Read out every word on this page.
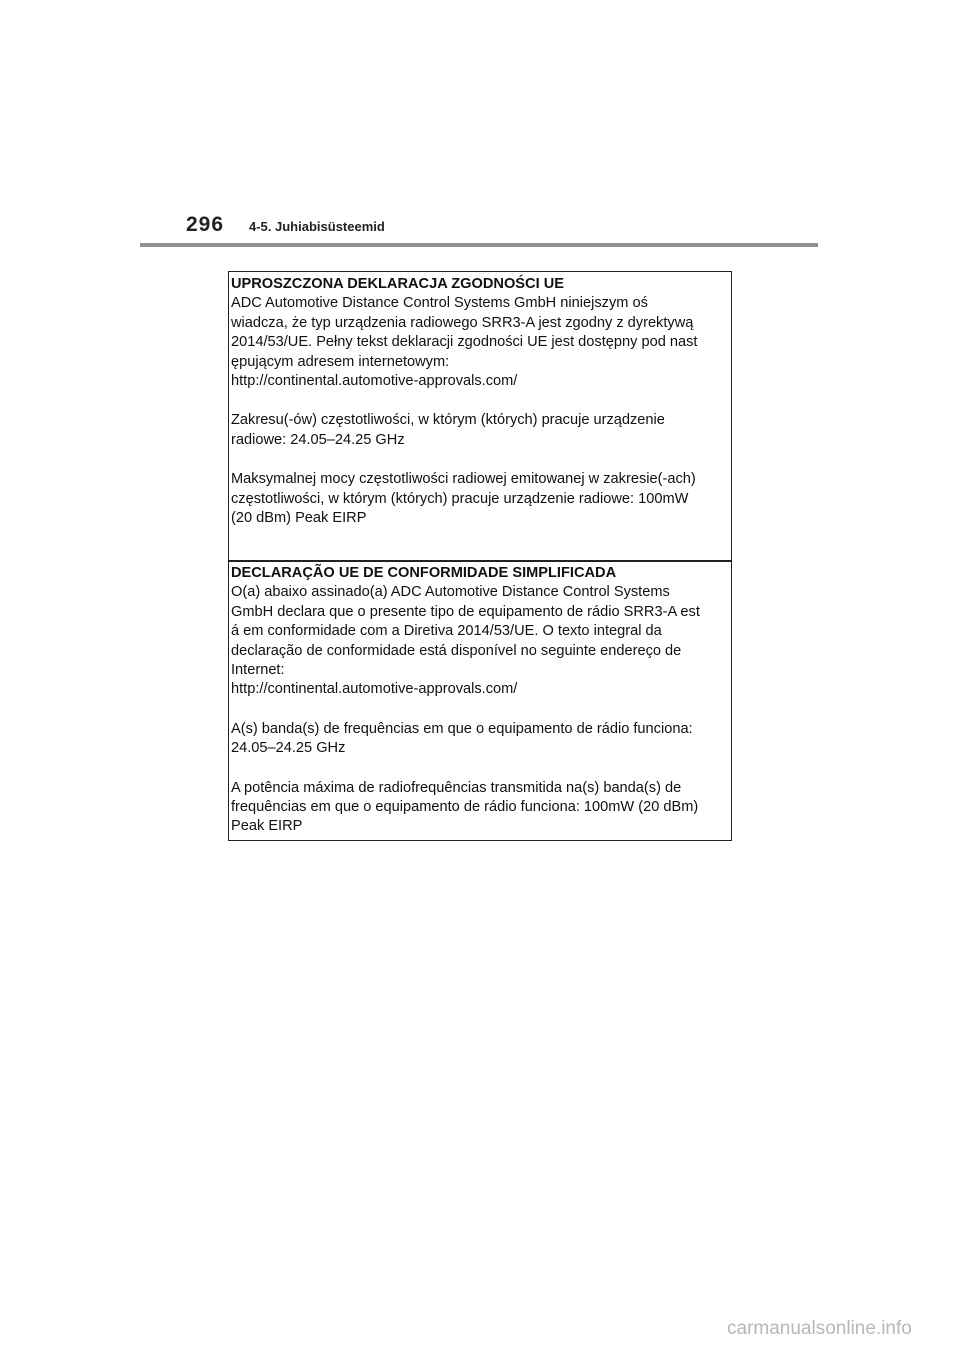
296 4-5. Juhiabisüsteemid
UPROSZCZONA DEKLARACJA ZGODNOŚCI UE
ADC Automotive Distance Control Systems GmbH niniejszym oś
wiadcza, że typ urządzenia radiowego SRR3-A jest zgodny z dyrektywą
2014/53/UE. Pełny tekst deklaracji zgodności UE jest dostępny pod nast
ępującym adresem internetowym:
http://continental.automotive-approvals.com/
Zakresu(-ów) częstotliwości, w którym (których) pracuje urządzenie
radiowe: 24.05–24.25 GHz
Maksymalnej mocy częstotliwości radiowej emitowanej w zakresie(-ach)
częstotliwości, w którym (których) pracuje urządzenie radiowe: 100mW
(20 dBm) Peak EIRP
DECLARAÇÃO UE DE CONFORMIDADE SIMPLIFICADA
O(a) abaixo assinado(a) ADC Automotive Distance Control Systems
GmbH declara que o presente tipo de equipamento de rádio SRR3-A est
á em conformidade com a Diretiva 2014/53/UE. O texto integral da
declaração de conformidade está disponível no seguinte endereço de
Internet:
http://continental.automotive-approvals.com/
A(s) banda(s) de frequências em que o equipamento de rádio funciona:
24.05–24.25 GHz
A potência máxima de radiofrequências transmitida na(s) banda(s) de
frequências em que o equipamento de rádio funciona: 100mW (20 dBm)
Peak EIRP
carmanualsonline.info
